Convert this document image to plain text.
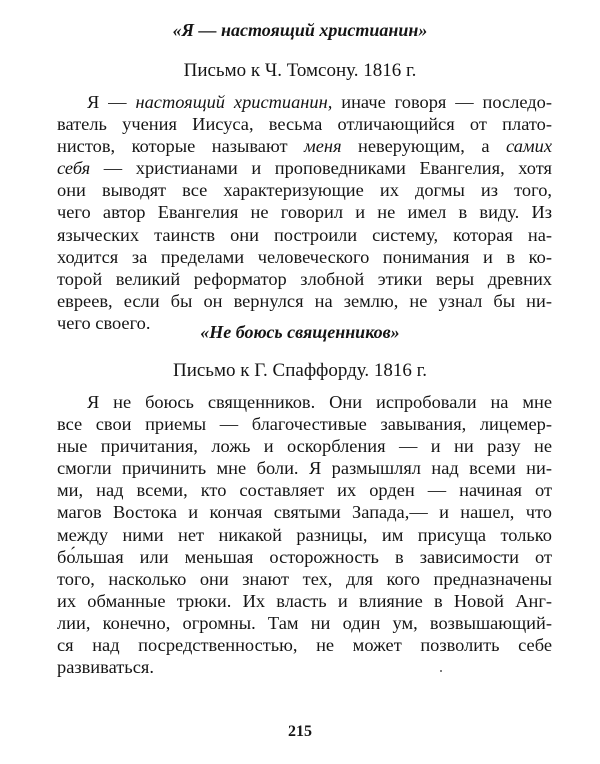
«Я — настоящий христианин»
Письмо к Ч. Томсону. 1816 г.
Я — настоящий христианин, иначе говоря — последо-
ватель учения Иисуса, весьма отличающийся от плато-
нистов, которые называют меня неверующим, а самих
себя — христианами и проповедниками Евангелия, хотя
они выводят все характеризующие их догмы из того,
чего автор Евангелия не говорил и не имел в виду. Из
языческих таинств они построили систему, которая на-
ходится за пределами человеческого понимания и в ко-
торой великий реформатор злобной этики веры древних
евреев, если бы он вернулся на землю, не узнал бы ни-
чего своего.	«Не боюсь священников»
Письмо к Г. Спаффорду. 1816 г.
Я не боюсь священников. Они испробовали на мне
все свои приемы — благочестивые завывания, лицемер-
ные причитания, ложь и оскорбления — и ни разу не
смогли причинить мне боли. Я размышлял над всеми ни-
ми, над всеми, кто составляет их орден — начиная от
магов Востока и кончая святыми Запада,— и нашел, что
между ними нет никакой разницы, им присуща только
бо́льшая или меньшая осторожность в зависимости от
того, насколько они знают тех, для кого предназначены
их обманные трюки. Их власть и влияние в Новой Анг-
лии, конечно, огромны. Там ни один ум, возвышающий-
ся над посредственностью, не может позволить себе
развиваться.
215
